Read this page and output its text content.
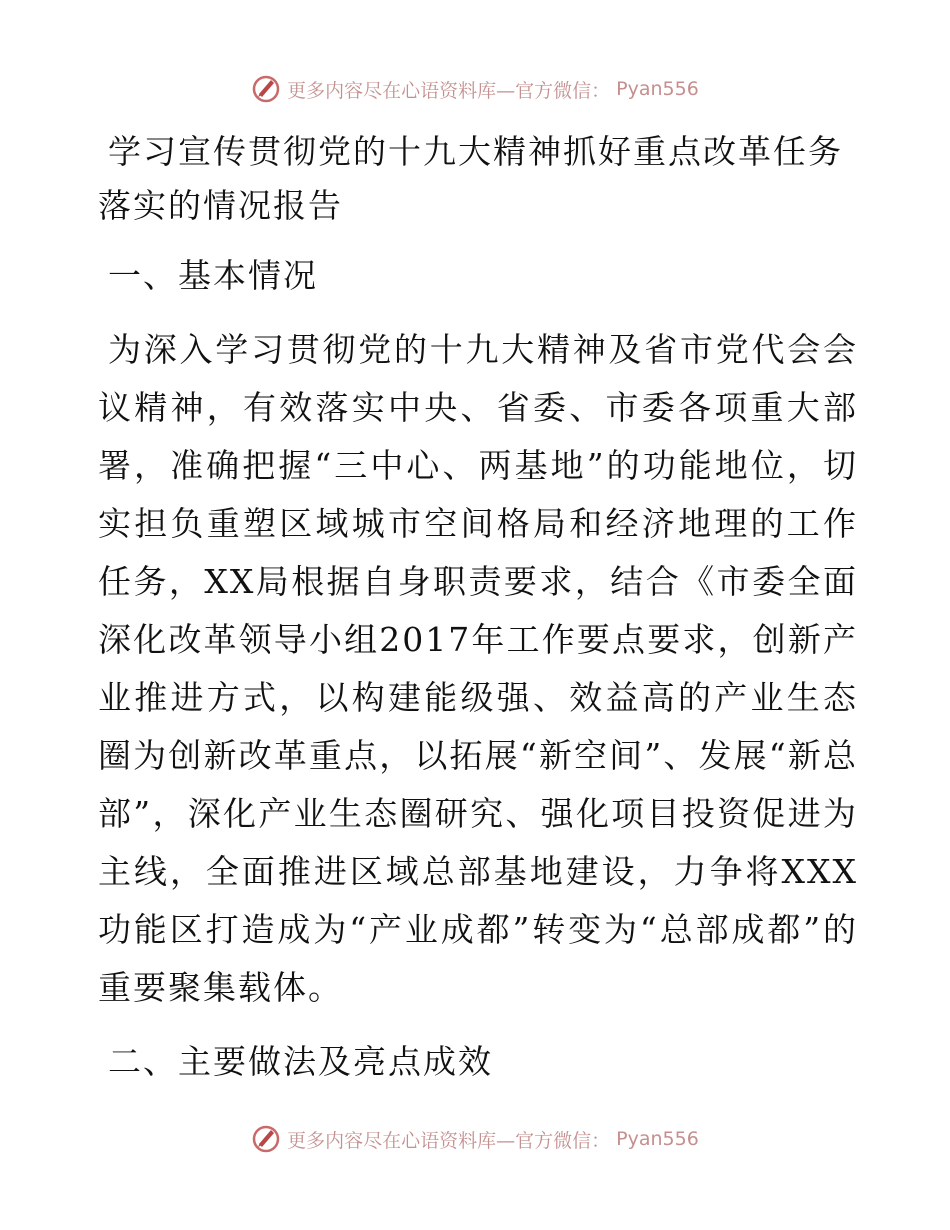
更多内容尽在心语资料库—官方微信： Pyan556
学习宣传贯彻党的十九大精神抓好重点改革任务落实的情况报告
一、基本情况

为深入学习贯彻党的十九大精神及省市党代会会议精神，有效落实中央、省委、市委各项重大部署，准确把握“三中心、两基地”的功能地位，切实担负重塑区域城市空间格局和经济地理的工作任务，XX局根据自身职责要求，结合《市委全面深化改革领导小组2017年工作要点要求，创新产业推进方式，以构建能级强、效益高的产业生态圈为创新改革重点，以拓展“新空间”、发展“新总部”，深化产业生态圈研究、强化项目投资促进为主线，全面推进区域总部基地建设，力争将XXX功能区打造成为“产业成都”转变为“总部成都”的重要聚集载体。

二、主要做法及亮点成效
更多内容尽在心语资料库—官方微信： Pyan556
